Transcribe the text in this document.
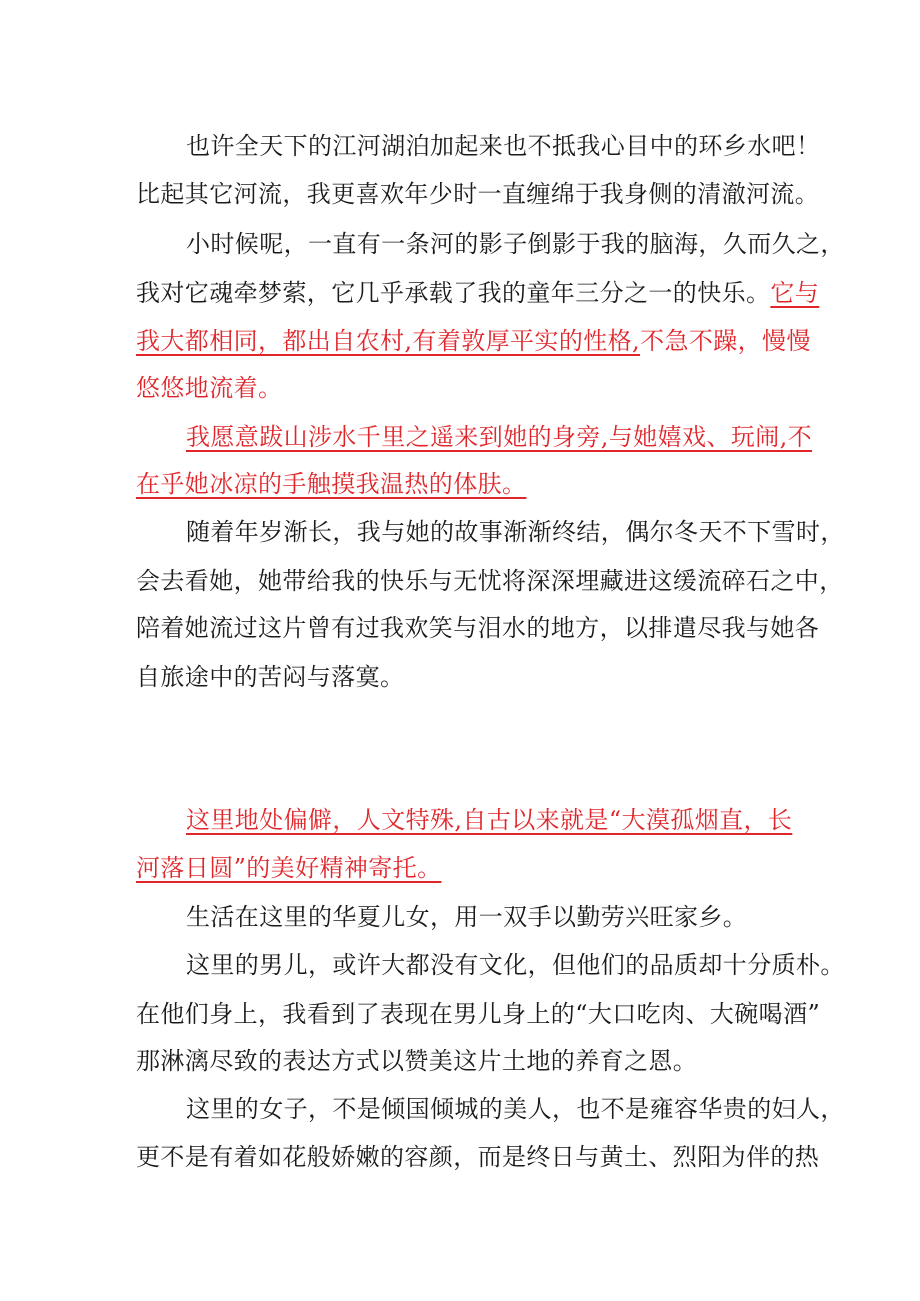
也许全天下的江河湖泊加起来也不抵我心目中的环乡水吧！
比起其它河流，我更喜欢年少时一直缠绵于我身侧的清澈河流。
小时候呢，一直有一条河的影子倒影于我的脑海，久而久之，
我对它魂牵梦萦，它几乎承载了我的童年三分之一的快乐。它与
我大都相同，都出自农村,有着敦厚平实的性格,不急不躁，慢慢
悠悠地流着。
我愿意跋山涉水千里之遥来到她的身旁,与她嬉戏、玩闹,不
在乎她冰凉的手触摸我温热的体肤。
随着年岁渐长，我与她的故事渐渐终结，偶尔冬天不下雪时，
会去看她，她带给我的快乐与无忧将深深埋藏进这缓流碎石之中，
陪着她流过这片曾有过我欢笑与泪水的地方，以排遣尽我与她各
自旅途中的苦闷与落寞。
这里地处偏僻，人文特殊,自古以来就是“大漠孤烟直，长
河落日圆”的美好精神寄托。
生活在这里的华夏儿女，用一双手以勤劳兴旺家乡。
这里的男儿，或许大都没有文化，但他们的品质却十分质朴。
在他们身上，我看到了表现在男儿身上的“大口吃肉、大碗喝酒”
那淋漓尽致的表达方式以赞美这片土地的养育之恩。
这里的女子，不是倾国倾城的美人，也不是雍容华贵的妇人，
更不是有着如花般娇嫩的容颜，而是终日与黄土、烈阳为伴的热
